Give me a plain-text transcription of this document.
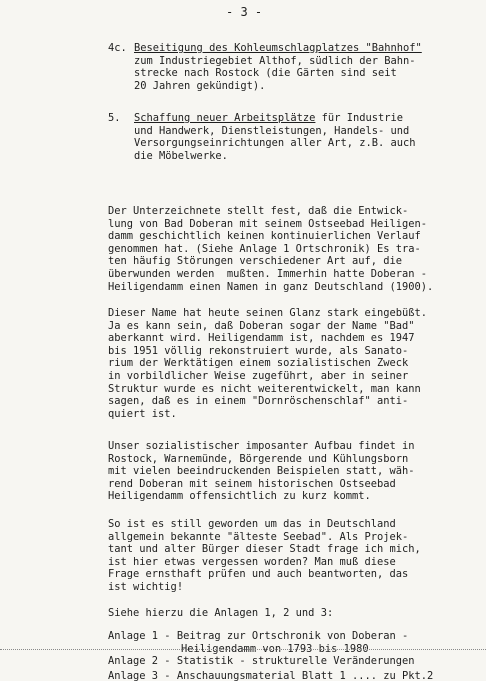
- 3 -
4c. Beseitigung des Kohleumschlagplatzes "Bahnhof"
zum Industriegebiet Althof, südlich der Bahn-
strecke nach Rostock (die Gärten sind seit
20 Jahren gekündigt).
5.	Schaffung neuer Arbeitsplätze für Industrie
und Handwerk, Dienstleistungen, Handels- und
Versorgungseinrichtungen aller Art, z.B. auch
die Möbelwerke.
Der Unterzeichnete stellt fest, daß die Entwick-
lung von Bad Doberan mit seinem Ostseebad Heiligen-
damm geschichtlich keinen kontinuierlichen Verlauf
genommen hat. (Siehe Anlage 1 Ortschronik) Es tra-
ten häufig Störungen verschiedener Art auf, die
überwunden werden  mußten. Immerhin hatte Doberan -
Heiligendamm einen Namen in ganz Deutschland (1900).
Dieser Name hat heute seinen Glanz stark eingebüßt.
Ja es kann sein, daß Doberan sogar der Name "Bad"
aberkannt wird. Heiligendamm ist, nachdem es 1947
bis 1951 völlig rekonstruiert wurde, als Sanato-
rium der Werktätigen einem sozialistischen Zweck
in vorbildlicher Weise zugeführt, aber in seiner
Struktur wurde es nicht weiterentwickelt, man kann
sagen, daß es in einem "Dornröschenschlaf" anti-
quiert ist.
Unser sozialistischer imposanter Aufbau findet in
Rostock, Warnemünde, Börgerende und Kühlungsborn
mit vielen beeindruckenden Beispielen statt, wäh-
rend Doberan mit seinem historischen Ostseebad
Heiligendamm offensichtlich zu kurz kommt.
So ist es still geworden um das in Deutschland
allgemein bekannte "älteste Seebad". Als Projek-
tant und alter Bürger dieser Stadt frage ich mich,
ist hier etwas vergessen worden? Man muß diese
Frage ernsthaft prüfen und auch beantworten, das
ist wichtig!
Siehe hierzu die Anlagen 1, 2 und 3:
Anlage 1 - Beitrag zur Ortschronik von Doberan -
Heiligendamm von 1793 bis 1980
Anlage 2 - Statistik - strukturelle Veränderungen
Anlage 3 - Anschauungsmaterial Blatt 1 .... zu Pkt.2
